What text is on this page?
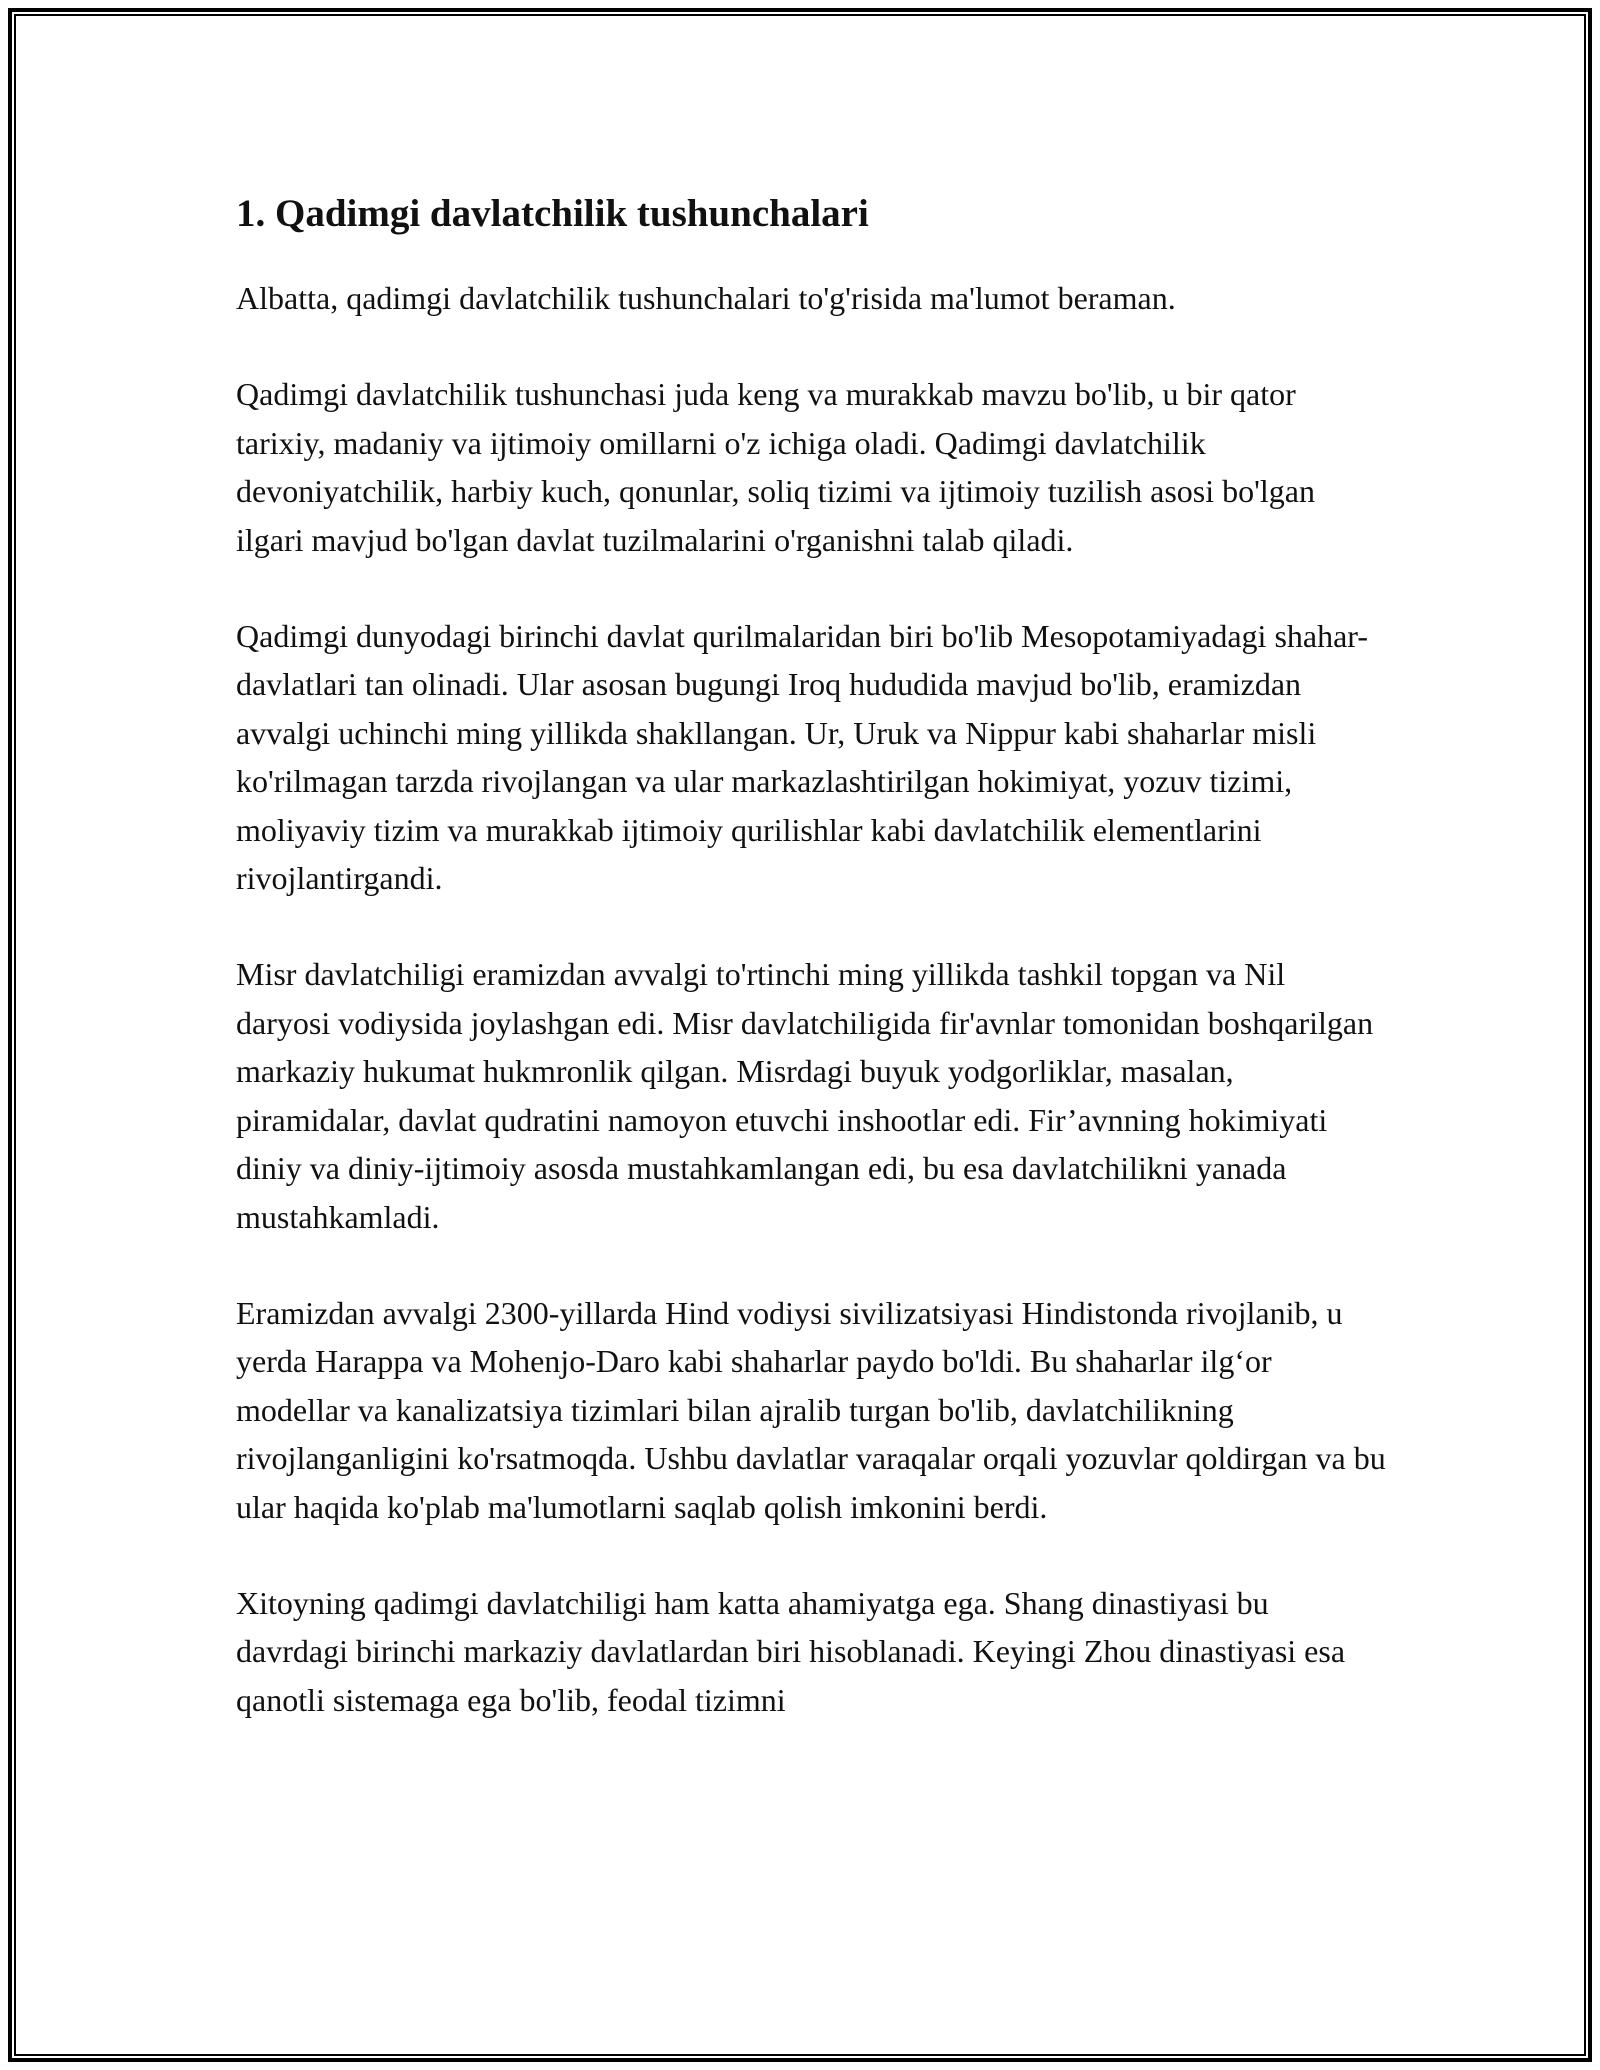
1. Qadimgi davlatchilik tushunchalari

Albatta, qadimgi davlatchilik tushunchalari to'g'risida ma'lumot beraman.

Qadimgi davlatchilik tushunchasi juda keng va murakkab mavzu bo'lib, u bir qator tarixiy, madaniy va ijtimoiy omillarni o'z ichiga oladi. Qadimgi davlatchilik devoniyatchilik, harbiy kuch, qonunlar, soliq tizimi va ijtimoiy tuzilish asosi bo'lgan ilgari mavjud bo'lgan davlat tuzilmalarini o'rganishni talab qiladi.

Qadimgi dunyodagi birinchi davlat qurilmalaridan biri bo'lib Mesopotamiyadagi shahar-davlatlari tan olinadi. Ular asosan bugungi Iroq hududida mavjud bo'lib, eramizdan avvalgi uchinchi ming yillikda shakllangan. Ur, Uruk va Nippur kabi shaharlar misli ko'rilmagan tarzda rivojlangan va ular markazlashtirilgan hokimiyat, yozuv tizimi, moliyaviy tizim va murakkab ijtimoiy qurilishlar kabi davlatchilik elementlarini rivojlantirgandi.

Misr davlatchiligi eramizdan avvalgi to'rtinchi ming yillikda tashkil topgan va Nil daryosi vodiysida joylashgan edi. Misr davlatchiligida fir'avnlar tomonidan boshqarilgan markaziy hukumat hukmronlik qilgan. Misrdagi buyuk yodgorliklar, masalan, piramidalar, davlat qudratini namoyon etuvchi inshootlar edi. Fir’avnning hokimiyati diniy va diniy-ijtimoiy asosda mustahkamlangan edi, bu esa davlatchilikni yanada mustahkamladi.

Eramizdan avvalgi 2300-yillarda Hind vodiysi sivilizatsiyasi Hindistonda rivojlanib, u yerda Harappa va Mohenjo-Daro kabi shaharlar paydo bo'ldi. Bu shaharlar ilg‘or modellar va kanalizatsiya tizimlari bilan ajralib turgan bo'lib, davlatchilikning rivojlanganligini ko'rsatmoqda. Ushbu davlatlar varaqalar orqali yozuvlar qoldirgan va bu ular haqida ko'plab ma'lumotlarni saqlab qolish imkonini berdi.

Xitoyning qadimgi davlatchiligi ham katta ahamiyatga ega. Shang dinastiyasi bu davrdagi birinchi markaziy davlatlardan biri hisoblanadi. Keyingi Zhou dinastiyasi esa qanotli sistemaga ega bo'lib, feodal tizimni
